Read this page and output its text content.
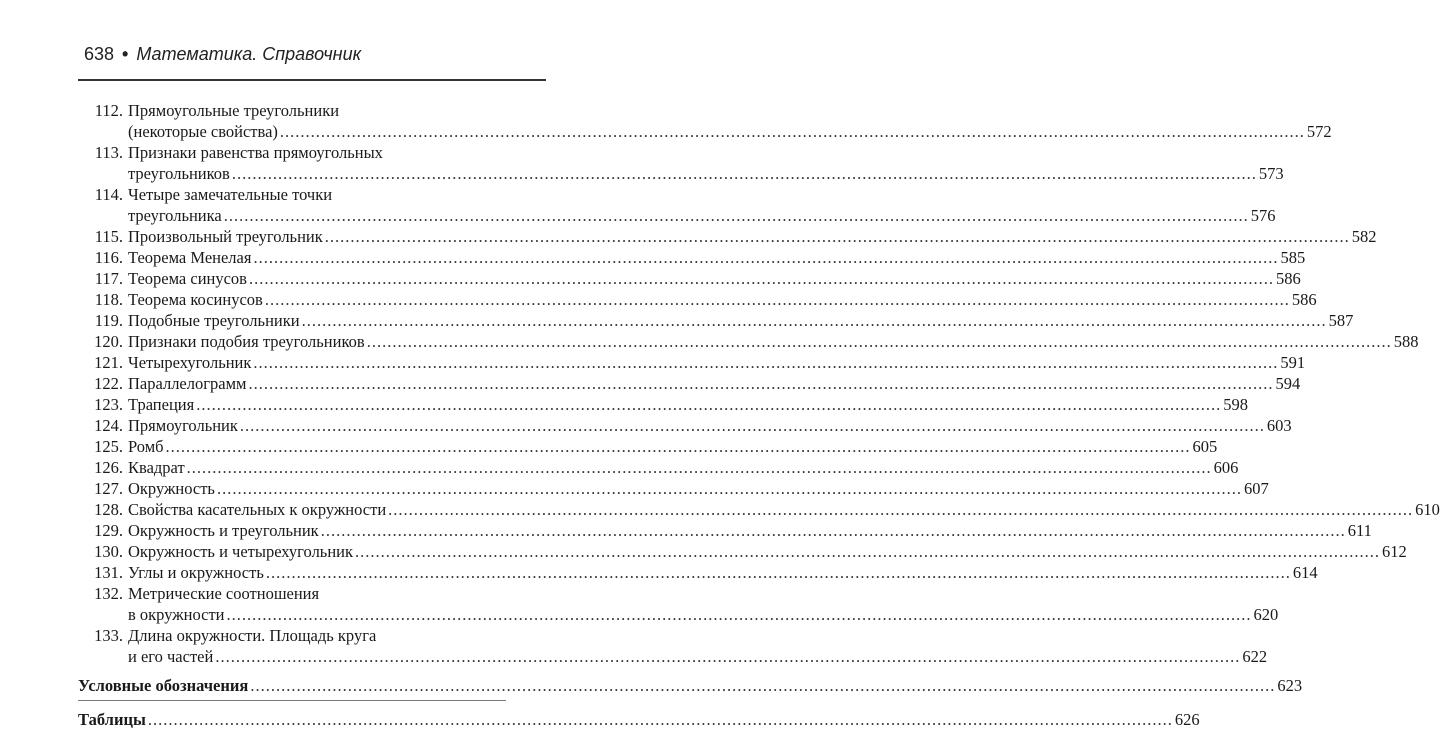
638 • Математика. Справочник
112. Прямоугольные треугольники
(некоторые свойства) ........................................................................................................................................................................................................ 572
113. Признаки равенства прямоугольных
треугольников ........................................................................................................................................................................................................ 573
114. Четыре замечательные точки
треугольника ........................................................................................................................................................................................................ 576
115. Произвольный треугольник ........................................................................................................................................................................................................ 582
116. Теорема Менелая ........................................................................................................................................................................................................ 585
117. Теорема синусов ........................................................................................................................................................................................................ 586
118. Теорема косинусов ........................................................................................................................................................................................................ 586
119. Подобные треугольники ........................................................................................................................................................................................................ 587
120. Признаки подобия треугольников ........................................................................................................................................................................................................ 588
121. Четырехугольник ........................................................................................................................................................................................................ 591
122. Параллелограмм ........................................................................................................................................................................................................ 594
123. Трапеция ........................................................................................................................................................................................................ 598
124. Прямоугольник ........................................................................................................................................................................................................ 603
125. Ромб ........................................................................................................................................................................................................ 605
126. Квадрат ........................................................................................................................................................................................................ 606
127. Окружность ........................................................................................................................................................................................................ 607
128. Свойства касательных к окружности ........................................................................................................................................................................................................ 610
129. Окружность и треугольник ........................................................................................................................................................................................................ 611
130. Окружность и четырехугольник ........................................................................................................................................................................................................ 612
131. Углы и окружность ........................................................................................................................................................................................................ 614
132. Метрические соотношения
в окружности ........................................................................................................................................................................................................ 620
133. Длина окружности. Площадь круга
и его частей ........................................................................................................................................................................................................ 622
Условные обозначения ........................................................................................................................................................................................................ 623
Таблицы ........................................................................................................................................................................................................ 626
